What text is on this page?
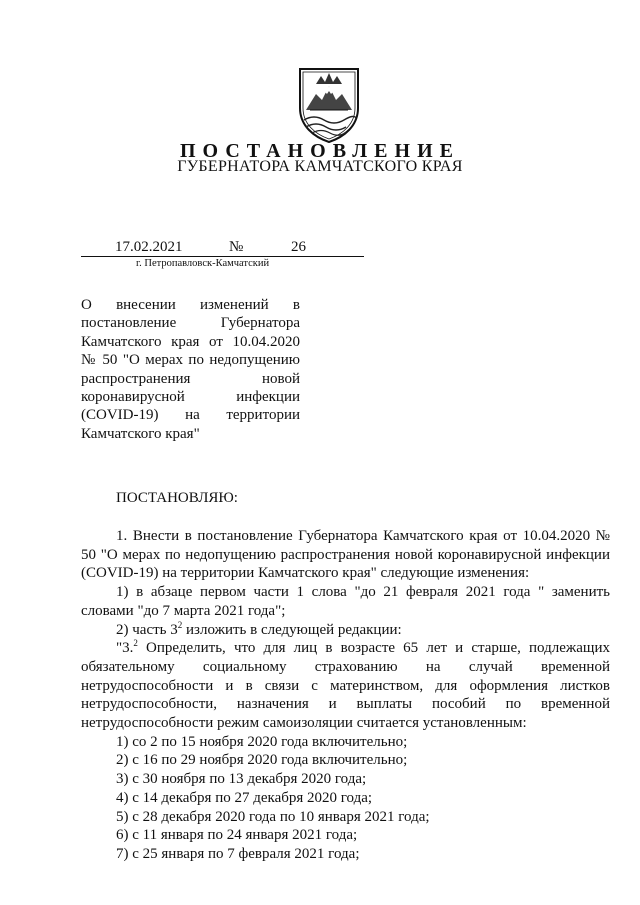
ПОСТАНОВЛЕНИЕ
ГУБЕРНАТОРА КАМЧАТСКОГО КРАЯ
17.02.2021	№	26
г. Петропавловск-Камчатский
О внесении изменений в постановление Губернатора Камчатского края от 10.04.2020 № 50 "О мерах по недопущению распространения новой коронавирусной инфекции (COVID-19) на территории Камчатского края"
ПОСТАНОВЛЯЮ:

1. Внести в постановление Губернатора Камчатского края от 10.04.2020 № 50 "О мерах по недопущению распространения новой коронавирусной инфекции (COVID-19) на территории Камчатского края" следующие изменения:

1) в абзаце первом части 1 слова "до 21 февраля 2021 года " заменить словами "до 7 марта 2021 года";

2) часть $3^2$ изложить в следующей редакции:

"3.$^2$ Определить, что для лиц в возрасте 65 лет и старше, подлежащих обязательному социальному страхованию на случай временной нетрудоспособности и в связи с материнством, для оформления листков нетрудоспособности, назначения и выплаты пособий по временной нетрудоспособности режим самоизоляции считается установленным:

1) со 2 по 15 ноября 2020 года включительно;

2) с 16 по 29 ноября 2020 года включительно;

3) с 30 ноября по 13 декабря 2020 года;

4) с 14 декабря по 27 декабря 2020 года;

5) с 28 декабря 2020 года по 10 января 2021 года;

6) с 11 января по 24 января 2021 года;

7) с 25 января по 7 февраля 2021 года;
